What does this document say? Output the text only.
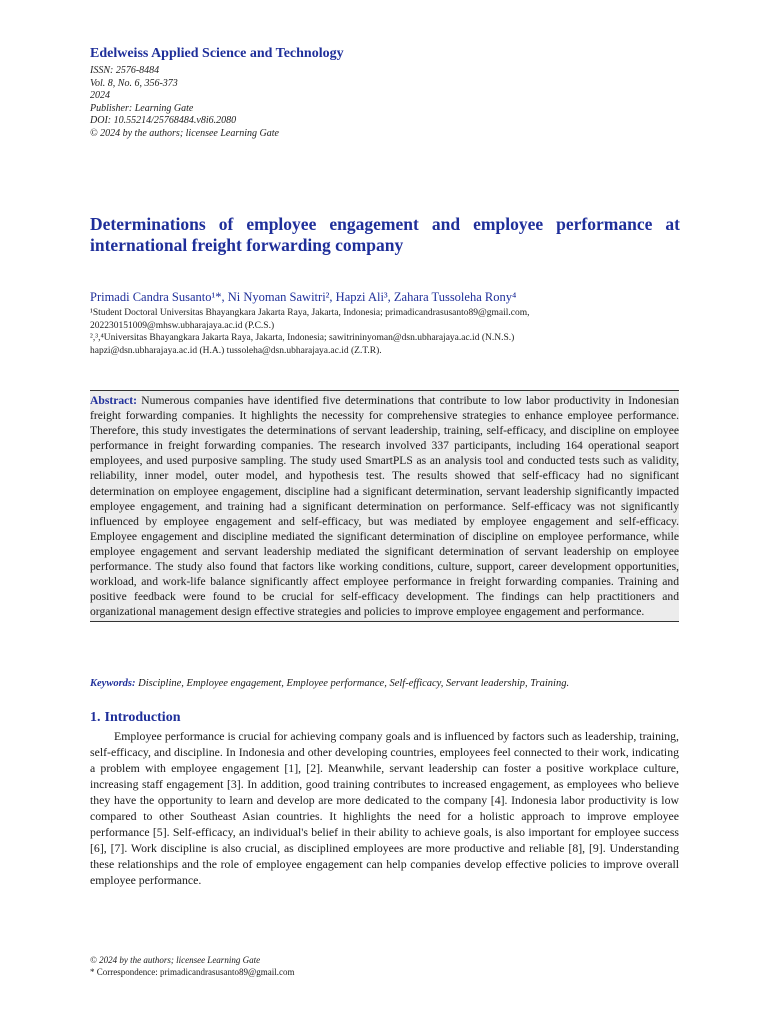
Edelweiss Applied Science and Technology

ISSN: 2576-8484

Vol. 8, No. 6, 356-373

2024

Publisher: Learning Gate

DOI: 10.55214/25768484.v8i6.2080

© 2024 by the authors; licensee Learning Gate

Determinations of employee engagement and employee performance at international freight forwarding company

Primadi Candra Susanto¹*, Ni Nyoman Sawitri², Hapzi Ali³, Zahara Tussoleha Rony⁴

¹Student Doctoral Universitas Bhayangkara Jakarta Raya, Jakarta, Indonesia; primadicandrasusanto89@gmail.com,

202230151009@mhsw.ubharajaya.ac.id (P.C.S.)

²,³,⁴Universitas Bhayangkara Jakarta Raya, Jakarta, Indonesia; sawitrininyoman@dsn.ubharajaya.ac.id (N.N.S.)

hapzi@dsn.ubharajaya.ac.id (H.A.) tussoleha@dsn.ubharajaya.ac.id (Z.T.R).

Abstract: Numerous companies have identified five determinations that contribute to low labor productivity in Indonesian freight forwarding companies. It highlights the necessity for comprehensive strategies to enhance employee performance. Therefore, this study investigates the determinations of servant leadership, training, self-efficacy, and discipline on employee performance in freight forwarding companies. The research involved 337 participants, including 164 operational seaport employees, and used purposive sampling. The study used SmartPLS as an analysis tool and conducted tests such as validity, reliability, inner model, outer model, and hypothesis test. The results showed that self-efficacy had no significant determination on employee engagement, discipline had a significant determination, servant leadership significantly impacted employee engagement, and training had a significant determination on performance. Self-efficacy was not significantly influenced by employee engagement and self-efficacy, but was mediated by employee engagement and self-efficacy. Employee engagement and discipline mediated the significant determination of discipline on employee performance, while employee engagement and servant leadership mediated the significant determination of servant leadership on employee performance. The study also found that factors like working conditions, culture, support, career development opportunities, workload, and work-life balance significantly affect employee performance in freight forwarding companies. Training and positive feedback were found to be crucial for self-efficacy development. The findings can help practitioners and organizational management design effective strategies and policies to improve employee engagement and performance.

Keywords: Discipline, Employee engagement, Employee performance, Self-efficacy, Servant leadership, Training.

1. Introduction

Employee performance is crucial for achieving company goals and is influenced by factors such as leadership, training, self-efficacy, and discipline. In Indonesia and other developing countries, employees feel connected to their work, indicating a problem with employee engagement [1], [2]. Meanwhile, servant leadership can foster a positive workplace culture, increasing staff engagement [3]. In addition, good training contributes to increased engagement, as employees who believe they have the opportunity to learn and develop are more dedicated to the company [4]. Indonesia labor productivity is low compared to other Southeast Asian countries. It highlights the need for a holistic approach to improve employee performance [5]. Self-efficacy, an individual's belief in their ability to achieve goals, is also important for employee success [6], [7]. Work discipline is also crucial, as disciplined employees are more productive and reliable [8], [9]. Understanding these relationships and the role of employee engagement can help companies develop effective policies to improve overall employee performance.

© 2024 by the authors; licensee Learning Gate

* Correspondence: primadicandrasusanto89@gmail.com
